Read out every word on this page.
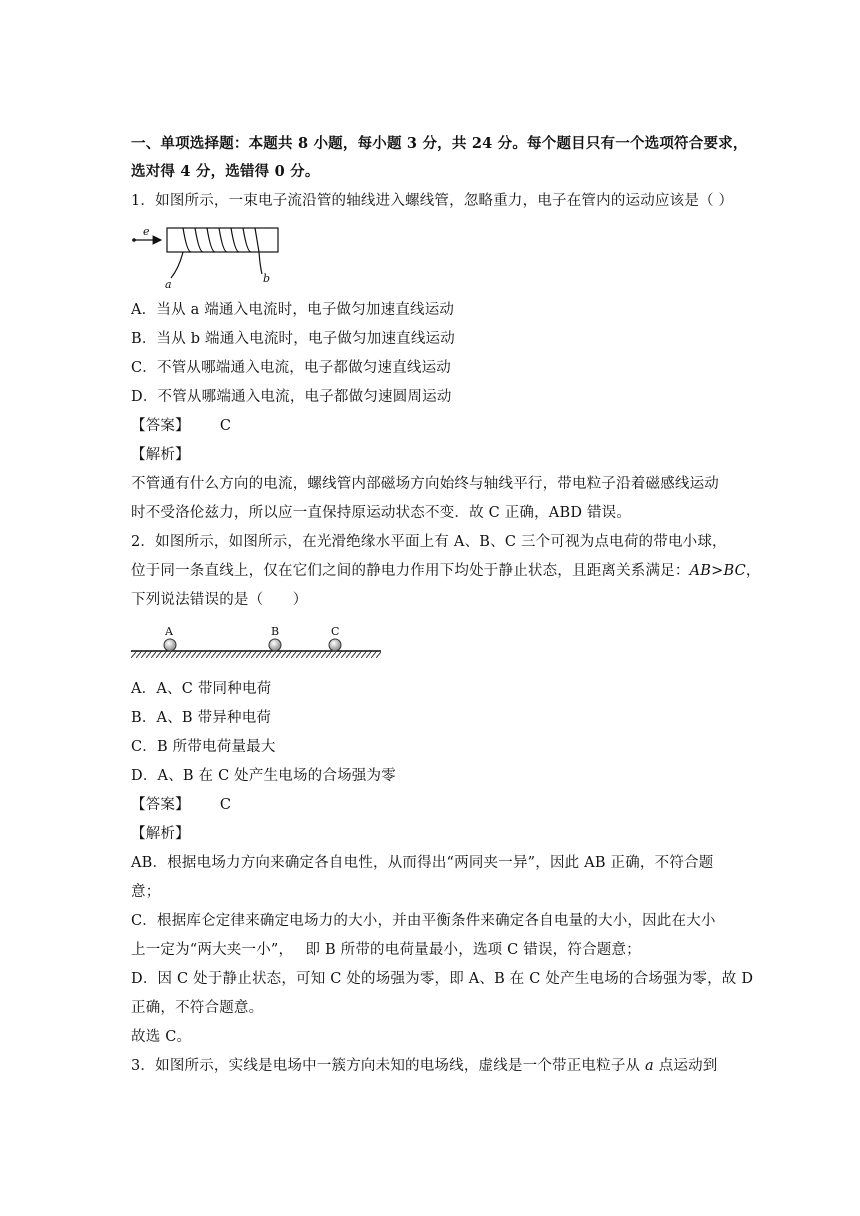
一、单项选择题：本题共 8 小题，每小题 3 分，共 24 分。每个题目只有一个选项符合要求，
选对得 4 分，选错得 0 分。
1．如图所示，一束电子流沿管的轴线进入螺线管，忽略重力，电子在管内的运动应该是（ ）
e
a	b
A．当从 a 端通入电流时，电子做匀加速直线运动
B．当从 b 端通入电流时，电子做匀加速直线运动
C．不管从哪端通入电流，电子都做匀速直线运动
D．不管从哪端通入电流，电子都做匀速圆周运动
【答案】 C
【解析】
不管通有什么方向的电流，螺线管内部磁场方向始终与轴线平行，带电粒子沿着磁感线运动
时不受洛伦兹力，所以应一直保持原运动状态不变．故 C 正确，ABD 错误。
2．如图所示，如图所示，在光滑绝缘水平面上有 A、B、C 三个可视为点电荷的带电小球，
位于同一条直线上，仅在它们之间的静电力作用下均处于静止状态，且距离关系满足：AB>BC，
下列说法错误的是（　　）
A	B	C
A．A、C 带同种电荷
B．A、B 带异种电荷
C．B 所带电荷量最大
D．A、B 在 C 处产生电场的合场强为零
【答案】 C
【解析】
AB．根据电场力方向来确定各自电性，从而得出“两同夹一异”，因此 AB 正确，不符合题
意；
C．根据库仑定律来确定电场力的大小，并由平衡条件来确定各自电量的大小，因此在大小
上一定为“两大夹一小”，　 即 B 所带的电荷量最小，选项 C 错误，符合题意；
D．因 C 处于静止状态，可知 C 处的场强为零，即 A、B 在 C 处产生电场的合场强为零，故 D
正确，不符合题意。
故选 C。
3．如图所示，实线是电场中一簇方向未知的电场线，虚线是一个带正电粒子从 a 点运动到
